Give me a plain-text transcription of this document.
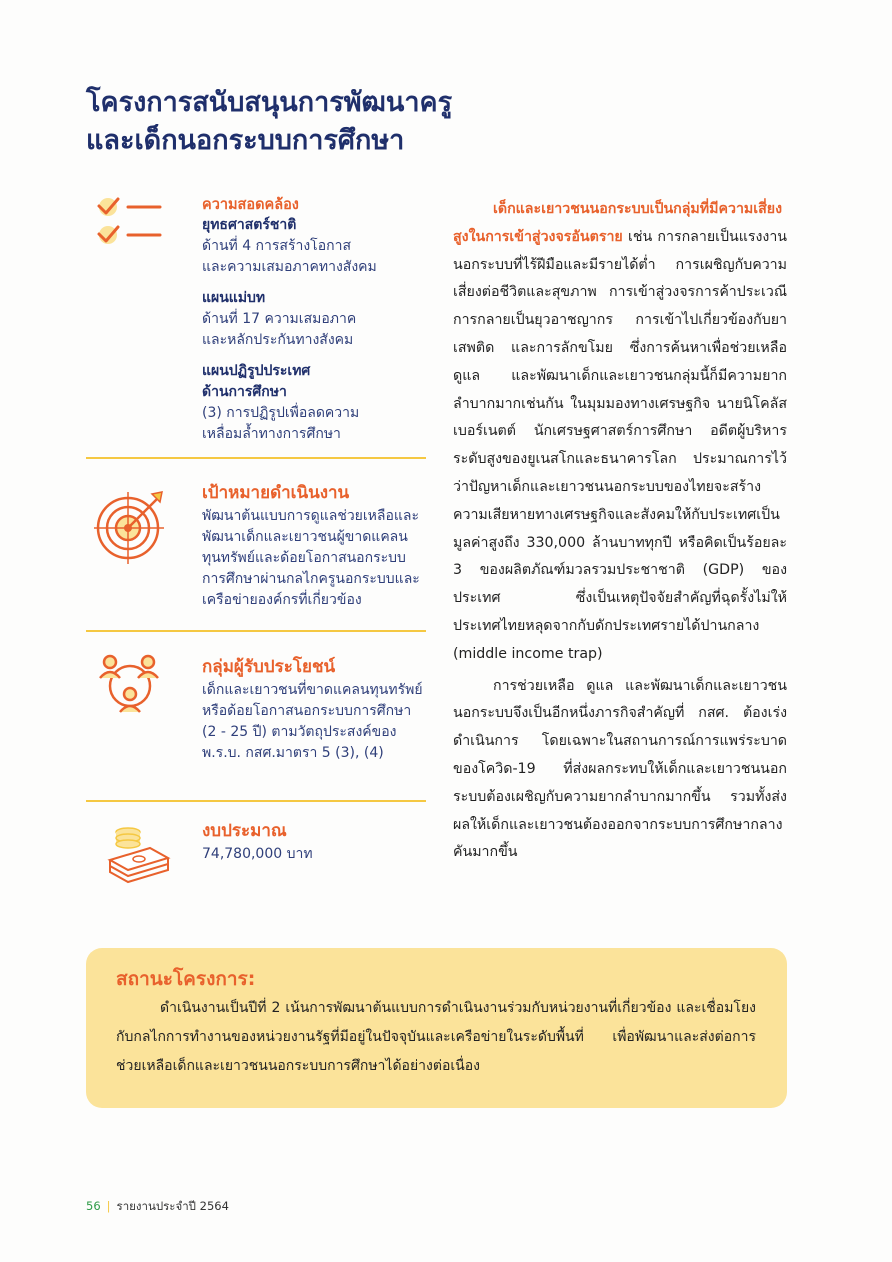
โครงการสนับสนุนการพัฒนาครู
และเด็กนอกระบบการศึกษา
ความสอดคล้อง
ยุทธศาสตร์ชาติ
ด้านที่ 4 การสร้างโอกาส
และความเสมอภาคทางสังคม
แผนแม่บท
ด้านที่ 17 ความเสมอภาค
และหลักประกันทางสังคม
แผนปฏิรูปประเทศ
ด้านการศึกษา
(3) การปฏิรูปเพื่อลดความ
เหลื่อมล้ำทางการศึกษา
เป้าหมายดำเนินงาน
พัฒนาต้นแบบการดูแลช่วยเหลือและ
พัฒนาเด็กและเยาวชนผู้ขาดแคลน
ทุนทรัพย์และด้อยโอกาสนอกระบบ
การศึกษาผ่านกลไกครูนอกระบบและ
เครือข่ายองค์กรที่เกี่ยวข้อง
กลุ่มผู้รับประโยชน์
เด็กและเยาวชนที่ขาดแคลนทุนทรัพย์
หรือด้อยโอกาสนอกระบบการศึกษา
(2 - 25 ปี) ตามวัตถุประสงค์ของ
พ.ร.บ. กสศ.มาตรา 5 (3), (4)
งบประมาณ
74,780,000 บาท

เด็กและเยาวชนนอกระบบเป็นกลุ่มที่มีความเสี่ยงสูงในการเข้าสู่วงจรอันตราย เช่น การกลายเป็นแรงงานนอกระบบที่ไร้ฝีมือและมีรายได้ต่ำ การเผชิญกับความเสี่ยงต่อชีวิตและสุขภาพ การเข้าสู่วงจรการค้าประเวณี การกลายเป็นยุวอาชญากร การเข้าไปเกี่ยวข้องกับยาเสพติด และการลักขโมย ซึ่งการค้นหาเพื่อช่วยเหลือ ดูแล และพัฒนาเด็กและเยาวชนกลุ่มนี้ก็มีความยากลำบากมากเช่นกัน ในมุมมองทางเศรษฐกิจ นายนิโคลัส เบอร์เนตต์ นักเศรษฐศาสตร์การศึกษา อดีตผู้บริหารระดับสูงของยูเนสโกและธนาคารโลก ประมาณการไว้ว่าปัญหาเด็กและเยาวชนนอกระบบของไทยจะสร้างความเสียหายทางเศรษฐกิจและสังคมให้กับประเทศเป็นมูลค่าสูงถึง 330,000 ล้านบาททุกปี หรือคิดเป็นร้อยละ 3 ของผลิตภัณฑ์มวลรวมประชาชาติ (GDP) ของประเทศ ซึ่งเป็นเหตุปัจจัยสำคัญที่ฉุดรั้งไม่ให้ประเทศไทยหลุดจากกับดักประเทศรายได้ปานกลาง (middle income trap)

การช่วยเหลือ ดูแล และพัฒนาเด็กและเยาวชนนอกระบบจึงเป็นอีกหนึ่งภารกิจสำคัญที่ กสศ. ต้องเร่งดำเนินการ โดยเฉพาะในสถานการณ์การแพร่ระบาดของโควิด-19 ที่ส่งผลกระทบให้เด็กและเยาวชนนอกระบบต้องเผชิญกับความยากลำบากมากขึ้น รวมทั้งส่งผลให้เด็กและเยาวชนต้องออกจากระบบการศึกษากลางคันมากขึ้น

สถานะโครงการ:

ดำเนินงานเป็นปีที่ 2 เน้นการพัฒนาต้นแบบการดำเนินงานร่วมกับหน่วยงานที่เกี่ยวข้อง และเชื่อมโยงกับกลไกการทำงานของหน่วยงานรัฐที่มีอยู่ในปัจจุบันและเครือข่ายในระดับพื้นที่ เพื่อพัฒนาและส่งต่อการช่วยเหลือเด็กและเยาวชนนอกระบบการศึกษาได้อย่างต่อเนื่อง

56 | รายงานประจำปี 2564
